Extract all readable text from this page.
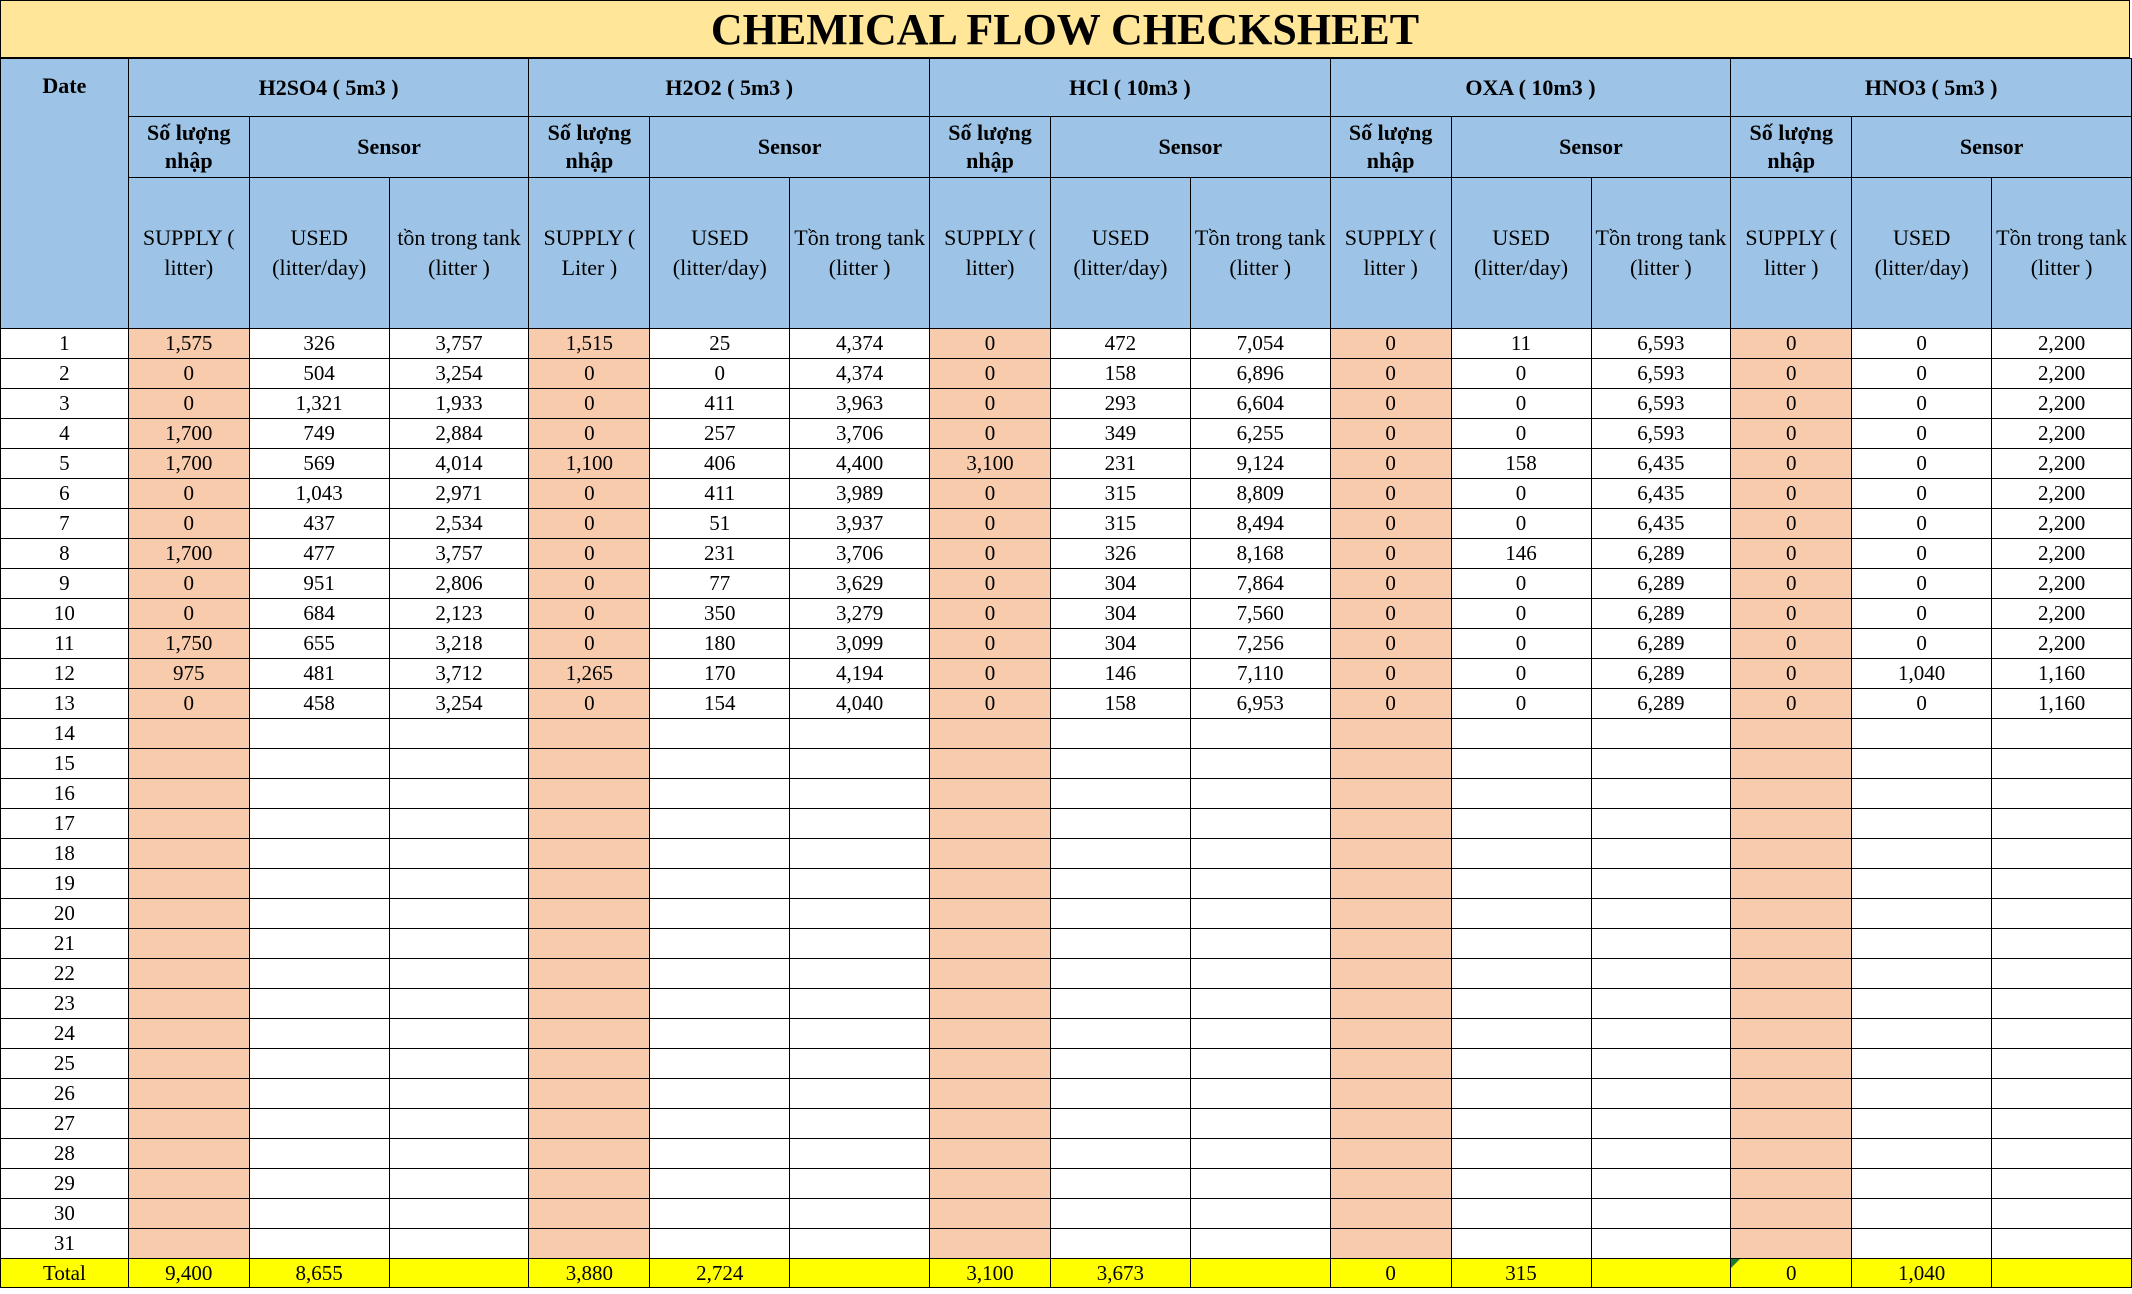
CHEMICAL FLOW CHECKSHEET
Date	H2SO4 ( 5m3 )			H2O2 ( 5m3 )			HCl ( 10m3 )			OXA ( 10m3 )			HNO3 ( 5m3 )		
	Số lượng nhập	Sensor		Số lượng nhập	Sensor		Số lượng nhập	Sensor		Số lượng nhập	Sensor		Số lượng nhập	Sensor	
	SUPPLY ( litter)	USED (litter/day)	tồn trong tank (litter )	SUPPLY ( Liter )	USED (litter/day)	Tồn trong tank (litter )	SUPPLY ( litter)	USED (litter/day)	Tồn trong tank (litter )	SUPPLY ( litter )	USED (litter/day)	Tồn trong tank (litter )	SUPPLY ( litter )	USED (litter/day)	Tồn trong tank (litter )
1	1,575	326	3,757	1,515	25	4,374	0	472	7,054	0	11	6,593	0	0	2,200
2	0	504	3,254	0	0	4,374	0	158	6,896	0	0	6,593	0	0	2,200
3	0	1,321	1,933	0	411	3,963	0	293	6,604	0	0	6,593	0	0	2,200
4	1,700	749	2,884	0	257	3,706	0	349	6,255	0	0	6,593	0	0	2,200
5	1,700	569	4,014	1,100	406	4,400	3,100	231	9,124	0	158	6,435	0	0	2,200
6	0	1,043	2,971	0	411	3,989	0	315	8,809	0	0	6,435	0	0	2,200
7	0	437	2,534	0	51	3,937	0	315	8,494	0	0	6,435	0	0	2,200
8	1,700	477	3,757	0	231	3,706	0	326	8,168	0	146	6,289	0	0	2,200
9	0	951	2,806	0	77	3,629	0	304	7,864	0	0	6,289	0	0	2,200
10	0	684	2,123	0	350	3,279	0	304	7,560	0	0	6,289	0	0	2,200
11	1,750	655	3,218	0	180	3,099	0	304	7,256	0	0	6,289	0	0	2,200
12	975	481	3,712	1,265	170	4,194	0	146	7,110	0	0	6,289	0	1,040	1,160
13	0	458	3,254	0	154	4,040	0	158	6,953	0	0	6,289	0	0	1,160
14															
15															
16															
17															
18															
19															
20															
21															
22															
23															
24															
25															
26															
27															
28															
29															
30															
31															
Total	9,400	8,655		3,880	2,724		3,100	3,673		0	315		0	1,040	
